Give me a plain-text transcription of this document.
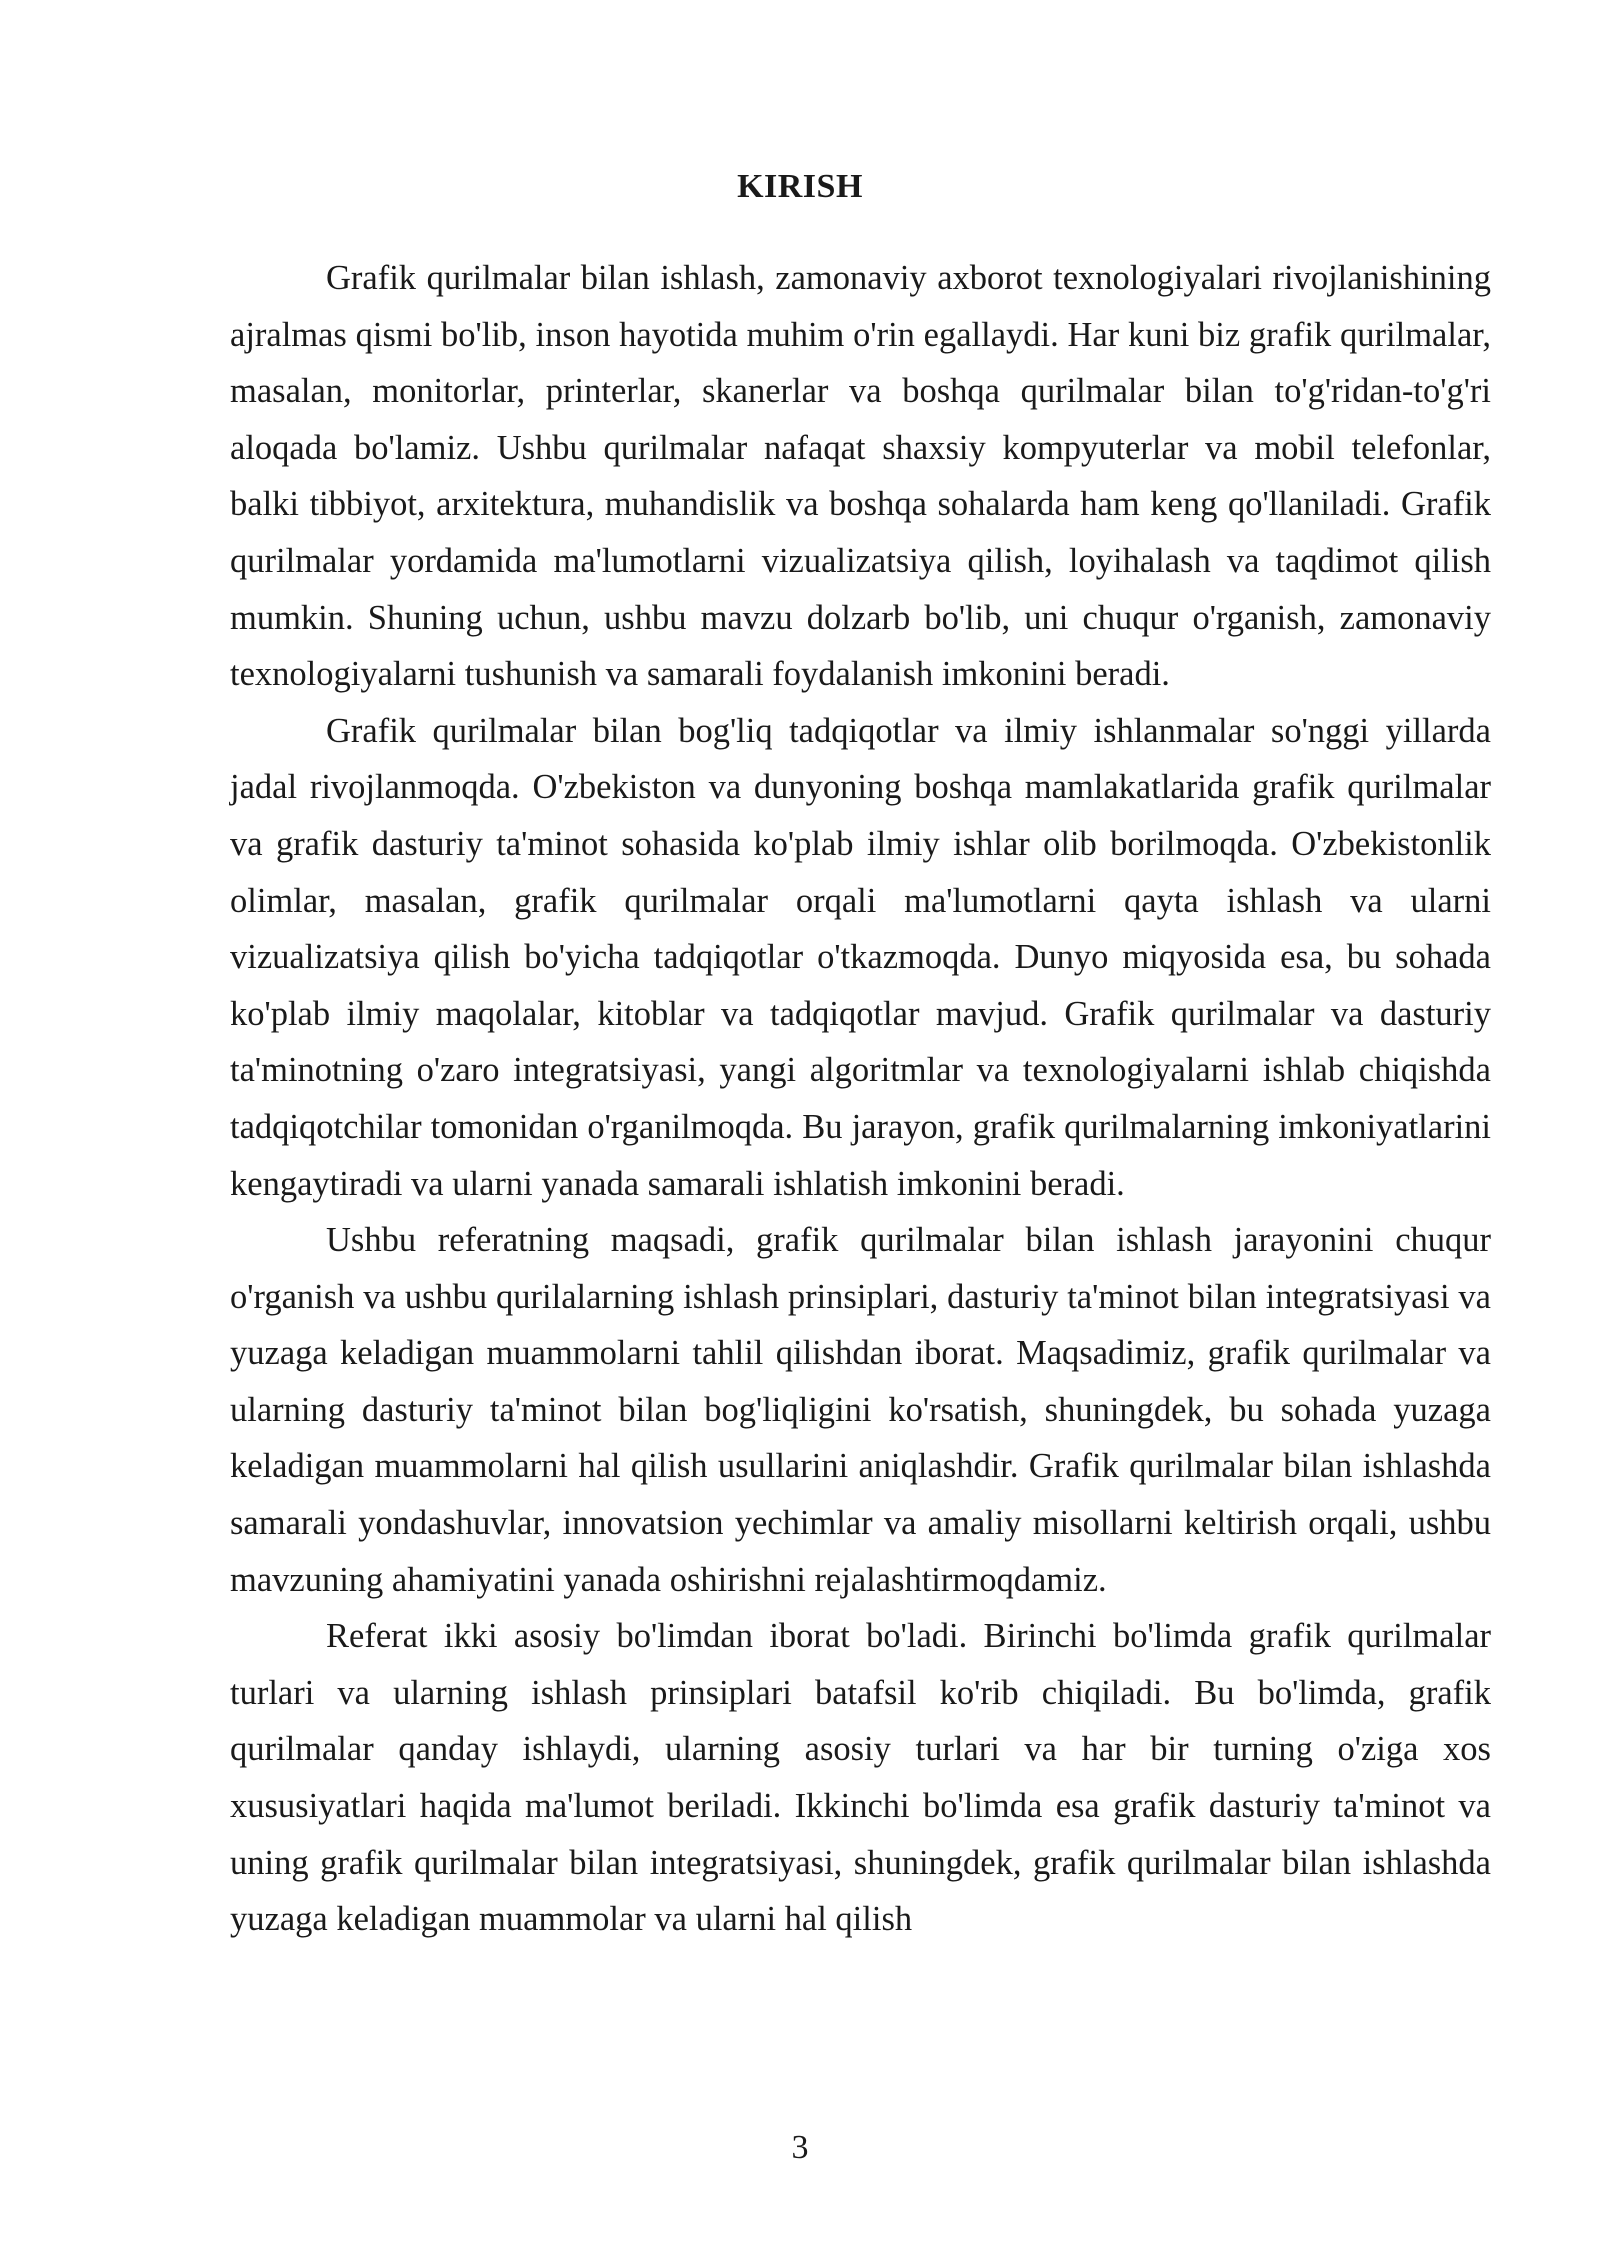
KIRISH

Grafik qurilmalar bilan ishlash, zamonaviy axborot texnologiyalari rivojlanishining ajralmas qismi bo'lib, inson hayotida muhim o'rin egallaydi. Har kuni biz grafik qurilmalar, masalan, monitorlar, printerlar, skanerlar va boshqa qurilmalar bilan to'g'ridan-to'g'ri aloqada bo'lamiz. Ushbu qurilmalar nafaqat shaxsiy kompyuterlar va mobil telefonlar, balki tibbiyot, arxitektura, muhandislik va boshqa sohalarda ham keng qo'llaniladi. Grafik qurilmalar yordamida ma'lumotlarni vizualizatsiya qilish, loyihalash va taqdimot qilish mumkin. Shuning uchun, ushbu mavzu dolzarb bo'lib, uni chuqur o'rganish, zamonaviy texnologiyalarni tushunish va samarali foydalanish imkonini beradi.

Grafik qurilmalar bilan bog'liq tadqiqotlar va ilmiy ishlanmalar so'nggi yillarda jadal rivojlanmoqda. O'zbekiston va dunyoning boshqa mamlakatlarida grafik qurilmalar va grafik dasturiy ta'minot sohasida ko'plab ilmiy ishlar olib borilmoqda. O'zbekistonlik olimlar, masalan, grafik qurilmalar orqali ma'lumotlarni qayta ishlash va ularni vizualizatsiya qilish bo'yicha tadqiqotlar o'tkazmoqda. Dunyo miqyosida esa, bu sohada ko'plab ilmiy maqolalar, kitoblar va tadqiqotlar mavjud. Grafik qurilmalar va dasturiy ta'minotning o'zaro integratsiyasi, yangi algoritmlar va texnologiyalarni ishlab chiqishda tadqiqotchilar tomonidan o'rganilmoqda. Bu jarayon, grafik qurilmalarning imkoniyatlarini kengaytiradi va ularni yanada samarali ishlatish imkonini beradi.

Ushbu referatning maqsadi, grafik qurilmalar bilan ishlash jarayonini chuqur o'rganish va ushbu qurilalarning ishlash prinsiplari, dasturiy ta'minot bilan integratsiyasi va yuzaga keladigan muammolarni tahlil qilishdan iborat. Maqsadimiz, grafik qurilmalar va ularning dasturiy ta'minot bilan bog'liqligini ko'rsatish, shuningdek, bu sohada yuzaga keladigan muammolarni hal qilish usullarini aniqlashdir. Grafik qurilmalar bilan ishlashda samarali yondashuvlar, innovatsion yechimlar va amaliy misollarni keltirish orqali, ushbu mavzuning ahamiyatini yanada oshirishni rejalashtirmoqdamiz.

Referat ikki asosiy bo'limdan iborat bo'ladi. Birinchi bo'limda grafik qurilmalar turlari va ularning ishlash prinsiplari batafsil ko'rib chiqiladi. Bu bo'limda, grafik qurilmalar qanday ishlaydi, ularning asosiy turlari va har bir turning o'ziga xos xususiyatlari haqida ma'lumot beriladi. Ikkinchi bo'limda esa grafik dasturiy ta'minot va uning grafik qurilmalar bilan integratsiyasi, shuningdek, grafik qurilmalar bilan ishlashda yuzaga keladigan muammolar va ularni hal qilish

3
